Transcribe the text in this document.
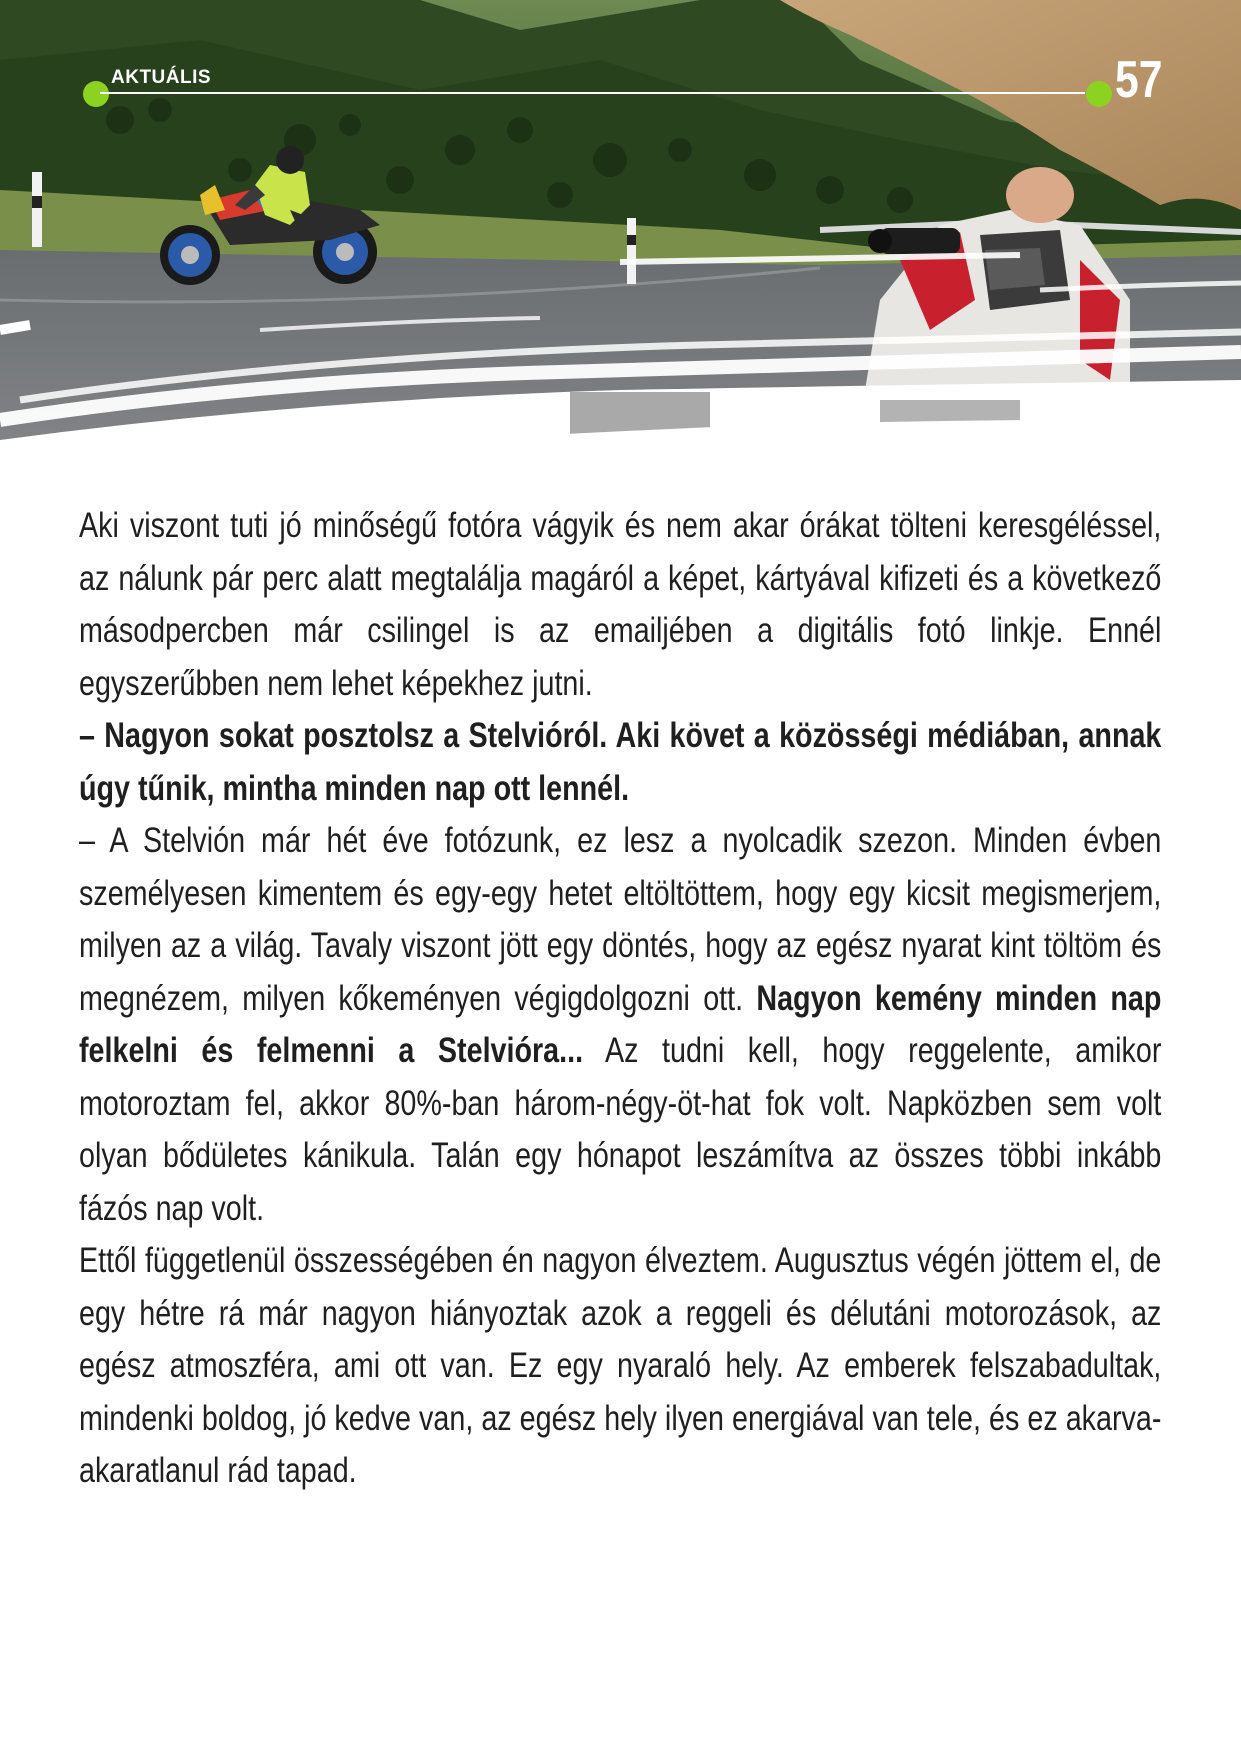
AKTUÁLIS	57

Aki viszont tuti jó minőségű fotóra vágyik és nem akar órákat tölteni keresgéléssel, az nálunk pár perc alatt megtalálja magáról a képet, kártyával kifizeti és a következő másodpercben már csilingel is az emailjében a digitális fotó linkje. Ennél egyszerűbben nem lehet képekhez jutni.

– Nagyon sokat posztolsz a Stelvióról. Aki követ a közösségi médiában, annak úgy tűnik, mintha minden nap ott lennél.

– A Stelvión már hét éve fotózunk, ez lesz a nyolcadik szezon. Minden évben személyesen kimentem és egy-egy hetet eltöltöttem, hogy egy kicsit megismerjem, milyen az a világ. Tavaly viszont jött egy döntés, hogy az egész nyarat kint töltöm és megnézem, milyen kőkeményen végigdolgozni ott. Nagyon kemény minden nap felkelni és felmenni a Stelvióra... Az tudni kell, hogy reggelente, amikor motoroztam fel, akkor 80%-ban három-négy-öt-hat fok volt. Napközben sem volt olyan bődületes kánikula. Talán egy hónapot leszámítva az összes többi inkább fázós nap volt.

Ettől függetlenül összességében én nagyon élveztem. Augusztus végén jöttem el, de egy hétre rá már nagyon hiányoztak azok a reggeli és délutáni motorozások, az egész atmoszféra, ami ott van. Ez egy nyaraló hely. Az emberek felszabadultak, mindenki boldog, jó kedve van, az egész hely ilyen energiával van tele, és ez akarva-akaratlanul rád tapad.
